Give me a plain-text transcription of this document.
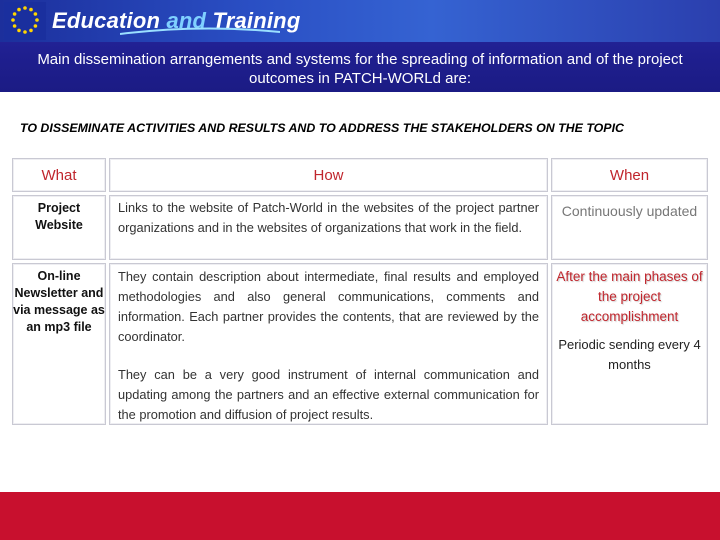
Education and Training
Main dissemination arrangements and systems for the spreading of information and of the project outcomes in PATCH-WORLd are:
TO DISSEMINATE ACTIVITIES AND RESULTS AND TO ADDRESS THE STAKEHOLDERS ON THE TOPIC
What	How	When
Project Website
Links to the website of Patch-World in the websites of the project partner organizations and in the websites of organizations that work in the field.
Continuously updated
On-line Newsletter and via message as an mp3 file
They contain description about intermediate, final results and employed methodologies and also general communications, comments and information. Each partner provides the contents, that are reviewed by the coordinator.
They can be a very good instrument of internal communication and updating among the partners and an effective external communication for the promotion and diffusion of project results.
After the main phases of the project accomplishment
Periodic sending every 4 months
